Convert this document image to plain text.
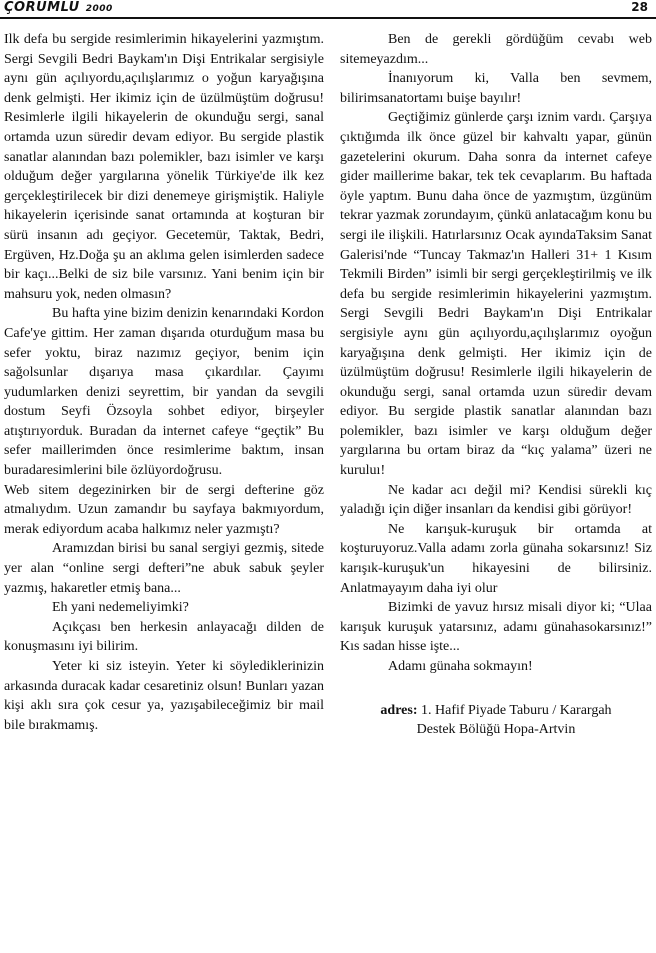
ÇORUMLU 2000	28

Ilk defa bu sergide resimlerimin hikayelerini yazmıştım. Sergi Sevgili Bedri Baykam'ın Dişi Entrikalar sergisiyle aynı gün açılıyordu,açılışlarımız o yoğun karyağışına denk gelmişti. Her ikimiz için de üzülmüştüm doğrusu! Resimlerle ilgili hikayelerin de okunduğu sergi, sanal ortamda uzun süredir devam ediyor. Bu sergide plastik sanatlar alanından bazı polemikler, bazı isimler ve karşı olduğum değer yargılarına yönelik Türkiye'de ilk kez gerçekleştirilecek bir dizi denemeye girişmiştik. Haliyle hikayelerin içerisinde sanat ortamında at koşturan bir sürü insanın adı geçiyor. Gecetemür, Taktak, Bedri, Ergüven, Hz.Doğa şu an aklıma gelen isimlerden sadece bir kaçı...Belki de siz bile varsınız. Yani benim için bir mahsuru yok, neden olmasın?

Bu hafta yine bizim denizin kenarındaki Kordon Cafe'ye gittim. Her zaman dışarıda oturduğum masa bu sefer yoktu, biraz nazımız geçiyor, benim için sağolsunlar dışarıya masa çıkardılar. Çayımı yudumlarken denizi seyrettim, bir yandan da sevgili dostum Seyfi Özsoyla sohbet ediyor, birşeyler atıştırıyorduk. Buradan da internet cafeye “geçtik” Bu sefer maillerimden önce resimlerime baktım, insan buradaresimlerini bile özlüyordoğrusu.

Web sitem degezinirken bir de sergi defterine göz atmalıydım. Uzun zamandır bu sayfaya bakmıyordum, merak ediyordum acaba halkımız neler yazmıştı?

Aramızdan birisi bu sanal sergiyi gezmiş, sitede yer alan “online sergi defteri”ne abuk sabuk şeyler yazmış, hakaretler etmiş bana...

Eh yani nedemeliyimki?

Açıkçası ben herkesin anlayacağı dilden de konuşmasını iyi bilirim.

Yeter ki siz isteyin. Yeter ki söylediklerinizin arkasında duracak kadar cesaretiniz olsun! Bunları yazan kişi aklı sıra çok cesur ya, yazışabileceğimiz bir mail bile bırakmamış.

Ben de gerekli gördüğüm cevabı web sitemeyazdım...

İnanıyorum ki, Valla ben sevmem, bilirimsanatortamı buişe bayılır!

Geçtiğimiz günlerde çarşı iznim vardı. Çarşıya çıktığımda ilk önce güzel bir kahvaltı yapar, günün gazetelerini okurum. Daha sonra da internet cafeye gider maillerime bakar, tek tek cevaplarım. Bu haftada öyle yaptım. Bunu daha önce de yazmıştım, üzgünüm tekrar yazmak zorundayım, çünkü anlatacağım konu bu sergi ile ilişkili. Hatırlarsınız Ocak ayındaTaksim Sanat Galerisi'nde “Tuncay Takmaz'ın Halleri 31+ 1 Kısım Tekmili Birden” isimli bir sergi gerçekleştirilmiş ve ilk defa bu sergide resimlerimin hikayelerini yazmıştım. Sergi Sevgili Bedri Baykam'ın Dişi Entrikalar sergisiyle aynı gün açılıyordu,açılışlarımız oyoğun karyağışına denk gelmişti. Her ikimiz için de üzülmüştüm doğrusu! Resimlerle ilgili hikayelerin de okunduğu sergi, sanal ortamda uzun süredir devam ediyor. Bu sergide plastik sanatlar alanından bazı polemikler, bazı isimler ve karşı olduğum değer yargılarına bu ortam biraz da “kıç yalama” üzeri ne kuruluı!

Ne kadar acı değil mi? Kendisi sürekli kıç yaladığı için diğer insanları da kendisi gibi görüyor!

Ne karışuk-kuruşuk bir ortamda at koşturuyoruz.Valla adamı zorla günaha sokarsınız! Siz karışık-kuruşuk'un hikayesini de bilirsiniz. Anlatmayayım daha iyi olur

Bizimki de yavuz hırsız misali diyor ki; “Ulaa karışuk kuruşuk yatarsınız, adamı günahasokarsınız!” Kıs sadan hisse işte...

Adamı günaha sokmayın!

adres: 1. Hafif Piyade Taburu / Karargah
Destek Bölüğü Hopa-Artvin
